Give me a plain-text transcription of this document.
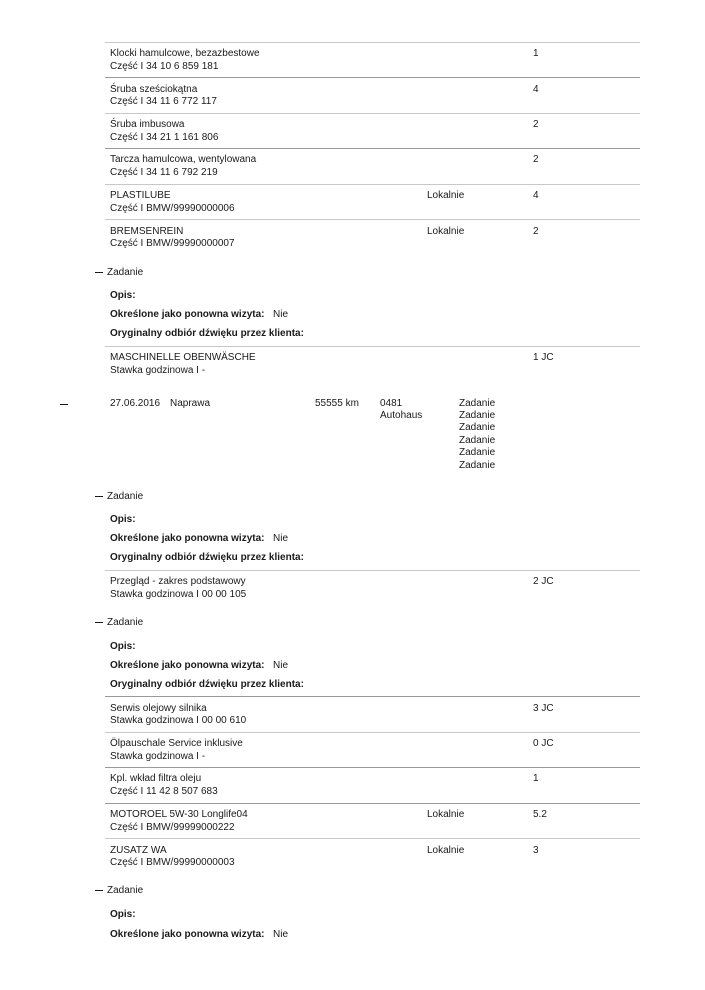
Klocki hamulcowe, bezazbestowe
Część I 34 10 6 859 181
1
Śruba sześciokątna
Część I 34 11 6 772 117
4
Śruba imbusowa
Część I 34 21 1 161 806
2
Tarcza hamulcowa, wentylowana
Część I 34 11 6 792 219
2
PLASTILUBE
Część I BMW/99990000006
Lokalnie	4
BREMSENREIN
Część I BMW/99990000007
Lokalnie	2
Zadanie
Opis:
Określone jako ponowna wizyta: Nie
Oryginalny odbiór dźwięku przez klienta:
MASCHINELLE OBENWÄSCHE
Stawka godzinowa I -
1 JC
27.06.2016 Naprawa	55555 km 0481
Autohaus
Zadanie
Zadanie
Zadanie
Zadanie
Zadanie
Zadanie
Zadanie
Opis:
Określone jako ponowna wizyta: Nie
Oryginalny odbiór dźwięku przez klienta:
Przegląd - zakres podstawowy
Stawka godzinowa I 00 00 105
2 JC
Zadanie
Opis:
Określone jako ponowna wizyta: Nie
Oryginalny odbiór dźwięku przez klienta:
Serwis olejowy silnika
Stawka godzinowa I 00 00 610
3 JC
Ölpauschale Service inklusive
Stawka godzinowa I -
0 JC
Kpl. wkład filtra oleju
Część I 11 42 8 507 683
1
MOTOROEL 5W-30 Longlife04
Część I BMW/99999000222
Lokalnie	5.2
ZUSATZ WA
Część I BMW/99990000003
Lokalnie	3
Zadanie
Opis:
Określone jako ponowna wizyta: Nie
